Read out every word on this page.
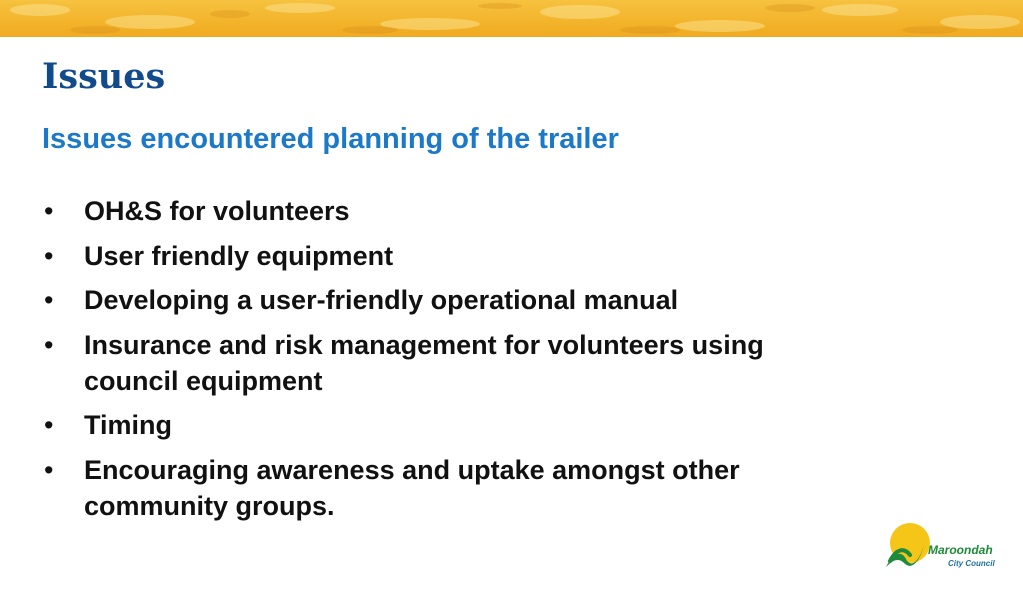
Issues
Issues encountered planning of the trailer
• OH&S for volunteers
• User friendly equipment
• Developing a user-friendly operational manual
• Insurance and risk management for volunteers using
council equipment
• Timing
• Encouraging awareness and uptake amongst other
community groups.
Maroondah
City Council
